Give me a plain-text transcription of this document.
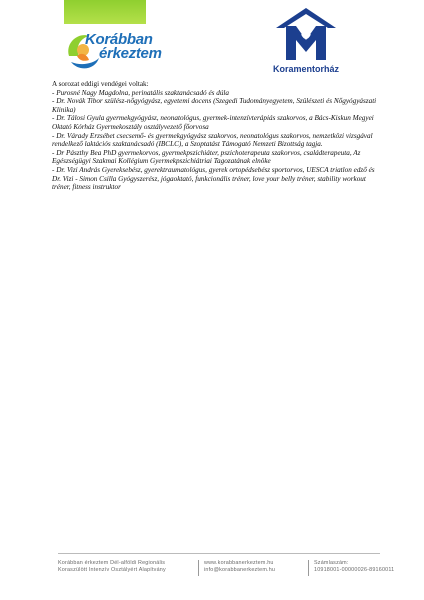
Korábban
érkeztem
Koramentorház
A sorozat eddigi vendégei voltak:
- Purosné Nagy Magdolna, perinatális szaktanácsadó és dúla
- Dr. Novák Tibor szülész-nőgyógyász, egyetemi docens (Szegedi Tudományegyetem, Szülészeti és Nőgyógyászati Klinika)
- Dr. Tálosi Gyula gyermekgyógyász, neonatológus, gyermek-intenzívterápiás szakorvos, a Bács-Kiskun Megyei Oktató Kórház Gyermekosztály osztályvezető főorvosa
- Dr. Várady Erzsébet csecsemő- és gyermekgyógyász szakorvos, neonatológus szakorvos, nemzetközi vizsgával rendelkező laktációs szaktanácsadó (IBCLC), a Szoptatást Támogató Nemzeti Bizottság tagja.
- Dr Pászthy Bea PhD gyermekorvos, gyermekpszichiáter, pszichoterapeuta szakorvos, családterapeuta, Az Egészségügyi Szakmai Kollégium Gyermekpszichiátriai Tagozatának elnöke
- Dr. Vizi András Gyereksebész, gyerektraumatológus, gyerek ortopédsebész sportorvos, UESCA triatlon edző és Dr. Vizi - Simon Csilla Gyógyszerész, jógaoktató, funkcionális tréner, love your belly tréner, stability workout tréner, fitness instruktor
Korábban érkeztem Dél-alföldi Regionális
Koraszülött Intenzív Osztályért Alapítvány
www.korabbanerkeztem.hu
info@korabbanerkeztem.hu
Számlaszám:
10918001-00000026-89160011
